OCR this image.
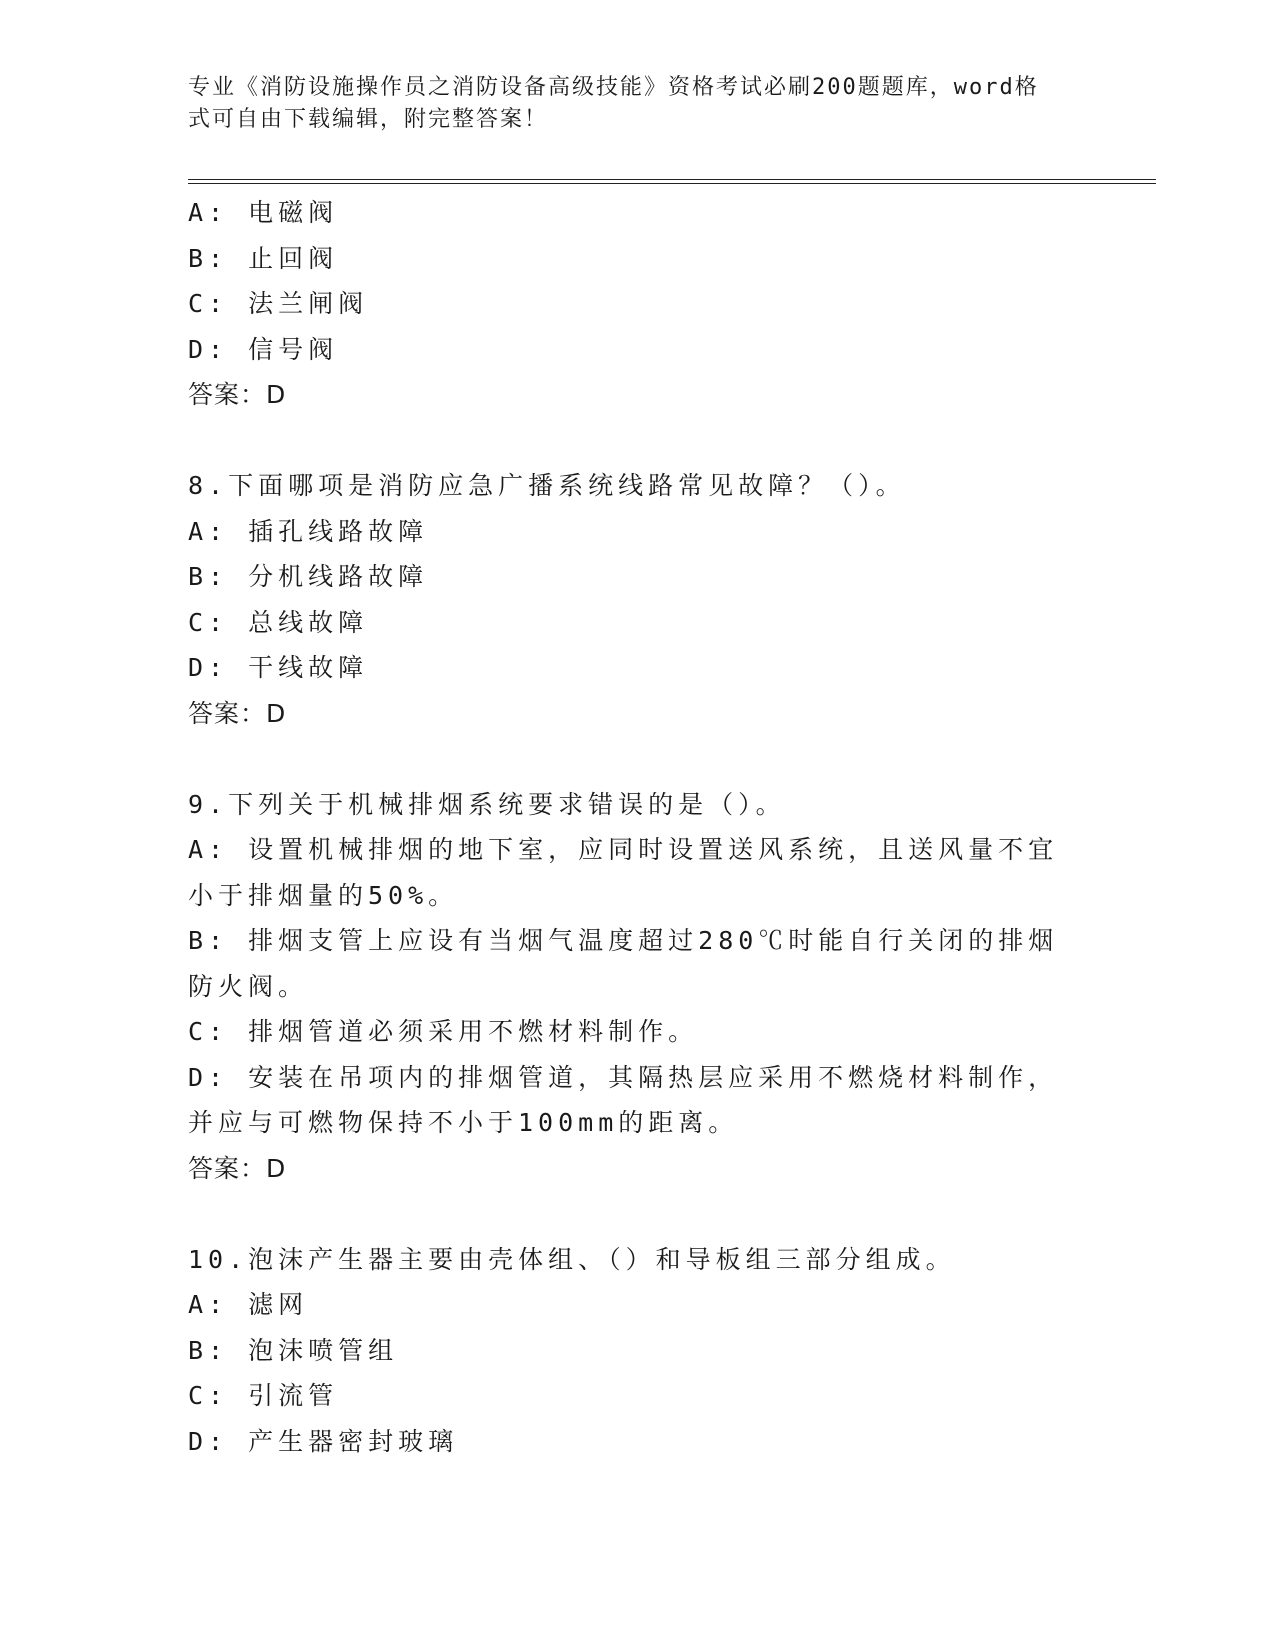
专业《消防设施操作员之消防设备高级技能》资格考试必刷200题题库，word格
式可自由下载编辑，附完整答案！
A: 电磁阀
B: 止回阀
C: 法兰闸阀
D: 信号阀
答案：D
8.下面哪项是消防应急广播系统线路常见故障？（）。
A: 插孔线路故障
B: 分机线路故障
C: 总线故障
D: 干线故障
答案：D
9.下列关于机械排烟系统要求错误的是（）。
A: 设置机械排烟的地下室，应同时设置送风系统，且送风量不宜小于排烟量的50%。
B: 排烟支管上应设有当烟气温度超过280℃时能自行关闭的排烟防火阀。
C: 排烟管道必须采用不燃材料制作。
D: 安装在吊项内的排烟管道，其隔热层应采用不燃烧材料制作，并应与可燃物保持不小于100mm的距离。
答案：D
10.泡沫产生器主要由壳体组、（）和导板组三部分组成。
A: 滤网
B: 泡沫喷管组
C: 引流管
D: 产生器密封玻璃
